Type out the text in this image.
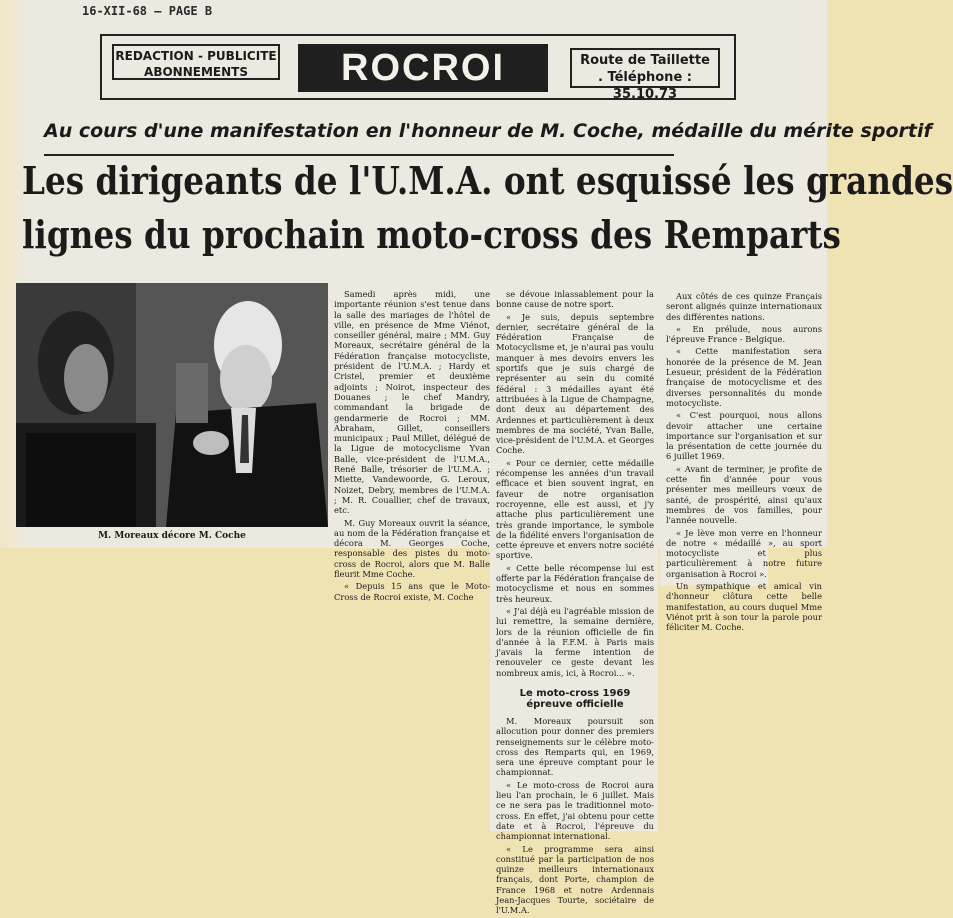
16-XII-68 — PAGE B
REDACTION - PUBLICITE
ABONNEMENTS	ROCROI	Route de Taillette
. Téléphone : 35.10.73
Au cours d'une manifestation en l'honneur de M. Coche, médaille du mérite sportif
Les dirigeants de l'U.M.A. ont esquissé les grandes
lignes du prochain moto-cross des Remparts
M. Moreaux décore M. Coche

Samedi après midi, une importante réunion s'est tenue dans la salle des mariages de l'hôtel de ville, en présence de Mme Viénot, conseiller général, maire ; MM. Guy Moreaux, secrétaire général de la Fédération française motocycliste, président de l'U.M.A. ; Hardy et Cristel, premier et deuxième adjoints ; Noirot, inspecteur des Douanes ; le chef Mandry, commandant la brigade de gendarmerie de Rocroi ; MM. Abraham, Gillet, conseillers municipaux ; Paul Millet, délégué de la Ligue de motocyclisme Yvan Balle, vice-président de l'U.M.A., René Balle, trésorier de l'U.M.A. ; Miette, Vandewoorde, G. Leroux, Noizet, Debry, membres de l'U.M.A. ; M. R. Couallier, chef de travaux, etc.

M. Guy Moreaux ouvrit la séance, au nom de la Fédération française et décora M. Georges Coche, responsable des pistes du moto-cross de Rocroi, alors que M. Balle fleurit Mme Coche.

« Depuis 15 ans que le Moto-Cross de Rocroi existe, M. Coche

se dévoue inlassablement pour la bonne cause de notre sport.

« Je suis, depuis septembre dernier, secrétaire général de la Fédération Française de Motocyclisme et, je n'aurai pas voulu manquer à mes devoirs envers les sportifs que je suis chargé de représenter au sein du comité fédéral : 3 médailles ayant été attribuées à la Ligue de Champagne, dont deux au département des Ardennes et particulièrement à deux membres de ma société, Yvan Balle, vice-président de l'U.M.A. et Georges Coche.

« Pour ce dernier, cette médaille récompense les années d'un travail efficace et bien souvent ingrat, en faveur de notre organisation rocroyenne, elle est aussi, et j'y attache plus particulièrement une très grande importance, le symbole de la fidélité envers l'organisation de cette épreuve et envers notre société sportive.

« Cette belle récompense lui est offerte par la Fédération française de motocyclisme et nous en sommes très heureux.

« J'ai déjà eu l'agréable mission de lui remettre, la semaine dernière, lors de la réunion officielle de fin d'année à la F.F.M. à Paris mais j'avais la ferme intention de renouveler ce geste devant les nombreux amis, ici, à Rocroi... ».

Le moto-cross 1969
épreuve officielle

M. Moreaux poursuit son allocution pour donner des premiers renseignements sur le célèbre moto-cross des Remparts qui, en 1969, sera une épreuve comptant pour le championnat.

« Le moto-cross de Rocroi aura lieu l'an prochain, le 6 juillet. Mais ce ne sera pas le traditionnel moto-cross. En effet, j'ai obtenu pour cette date et à Rocroi, l'épreuve du championnat international.

« Le programme sera ainsi constitué par la participation de nos quinze meilleurs internationaux français, dont Porte, champion de France 1968 et notre Ardennais Jean-Jacques Tourte, sociétaire de l'U.M.A.

Aux côtés de ces quinze Français seront alignés quinze internationaux des différentes nations.

« En prélude, nous aurons l'épreuve France - Belgique.

« Cette manifestation sera honorée de la présence de M. Jean Lesueur, président de la Fédération française de motocyclisme et des diverses personnalités du monde motocycliste.

« C'est pourquoi, nous allons devoir attacher une certaine importance sur l'organisation et sur la présentation de cette journée du 6 juillet 1969.

« Avant de terminer, je profite de cette fin d'année pour vous présenter mes meilleurs vœux de santé, de prospérité, ainsi qu'aux membres de vos familles, pour l'année nouvelle.

« Je lève mon verre en l'honneur de notre « médaillé », au sport motocycliste et plus particulièrement à notre future organisation à Rocroi ».

Un sympathique et amical vin d'honneur clôtura cette belle manifestation, au cours duquel Mme Viénot prit à son tour la parole pour féliciter M. Coche.
